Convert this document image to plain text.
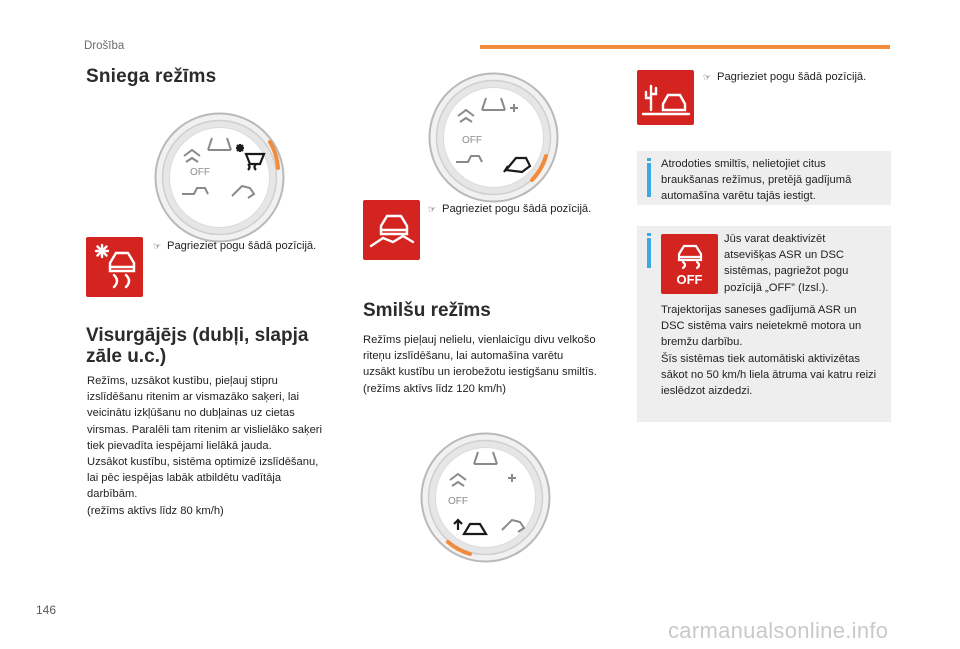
Drošība
Sniega režīms
OFF
☞ Pagrieziet pogu šādā pozīcijā.
Visurgājējs (dubļi, slapja zāle u.c.)
Režīms, uzsākot kustību, pieļauj stipru
izslīdēšanu ritenim ar vismazāko saķeri, lai
veicinātu izkļūšanu no dubļainas uz cietas
virsmas. Paralēli tam ritenim ar vislielāko saķeri
tiek pievadīta iespējami lielākā jauda.
Uzsākot kustību, sistēma optimizē izslīdēšanu,
lai pēc iespējas labāk atbildētu vadītāja
darbībām.
(režīms aktīvs līdz 80 km/h)
OFF
☞ Pagrieziet pogu šādā pozīcijā.
Smilšu režīms
Režīms pieļauj nelielu, vienlaicīgu divu velkošo
riteņu izslīdēšanu, lai automašīna varētu
uzsākt kustību un ierobežotu iestigšanu smiltīs.
(režīms aktīvs līdz 120 km/h)
OFF
☞ Pagrieziet pogu šādā pozīcijā.
Atrodoties smiltīs, nelietojiet citus
braukšanas režīmus, pretējā gadījumā
automašīna varētu tajās iestigt.
OFF
Jūs varat deaktivizēt
atsevišķas ASR un DSC
sistēmas, pagriežot pogu
pozīcijā „OFF” (Izsl.).
Trajektorijas saneses gadījumā ASR un
DSC sistēma vairs neietekmē motora un
bremžu darbību.
Šīs sistēmas tiek automātiski aktivizētas
sākot no 50 km/h liela ātruma vai katru reizi
ieslēdzot aizdedzi.
146
carmanualsonline.info
